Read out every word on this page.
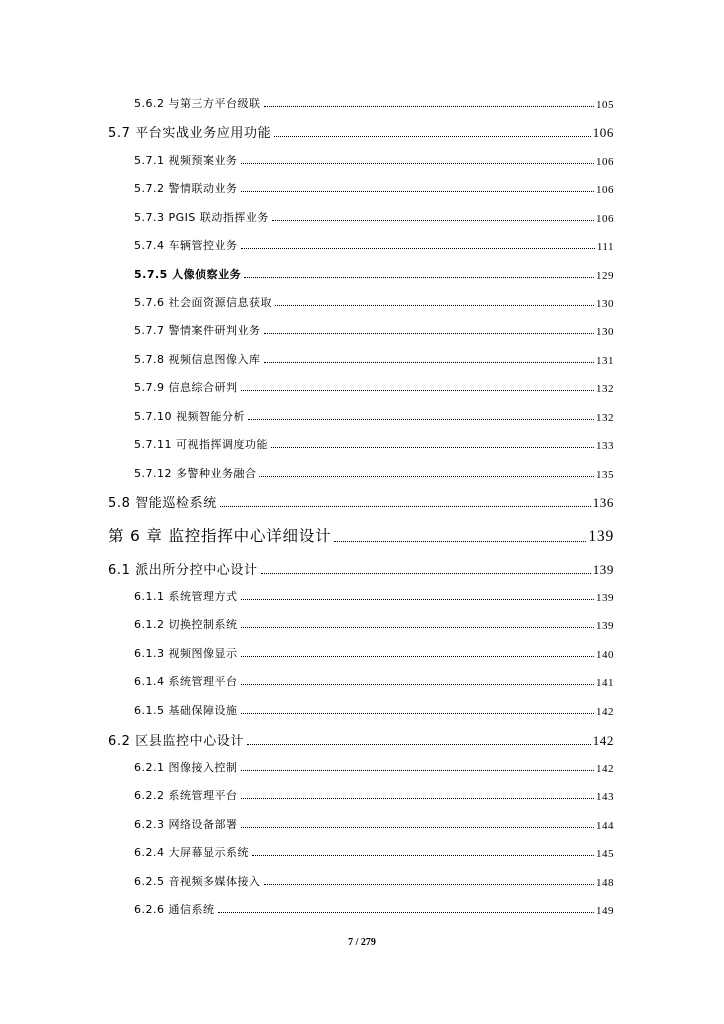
5.6.2 与第三方平台级联	105
5.7 平台实战业务应用功能	106
5.7.1 视频预案业务	106
5.7.2 警情联动业务	106
5.7.3 PGIS 联动指挥业务	106
5.7.4 车辆管控业务	111
5.7.5 人像侦察业务	129
5.7.6 社会面资源信息获取	130
5.7.7 警情案件研判业务	130
5.7.8 视频信息图像入库	131
5.7.9 信息综合研判	132
5.7.10 视频智能分析	132
5.7.11 可视指挥调度功能	133
5.7.12 多警种业务融合	135
5.8 智能巡检系统	136
第 6 章 监控指挥中心详细设计	139
6.1 派出所分控中心设计	139
6.1.1 系统管理方式	139
6.1.2 切换控制系统	139
6.1.3 视频图像显示	140
6.1.4 系统管理平台	141
6.1.5 基础保障设施	142
6.2 区县监控中心设计	142
6.2.1 图像接入控制	142
6.2.2 系统管理平台	143
6.2.3 网络设备部署	144
6.2.4 大屏幕显示系统	145
6.2.5 音视频多媒体接入	148
6.2.6 通信系统	149
7 / 279
